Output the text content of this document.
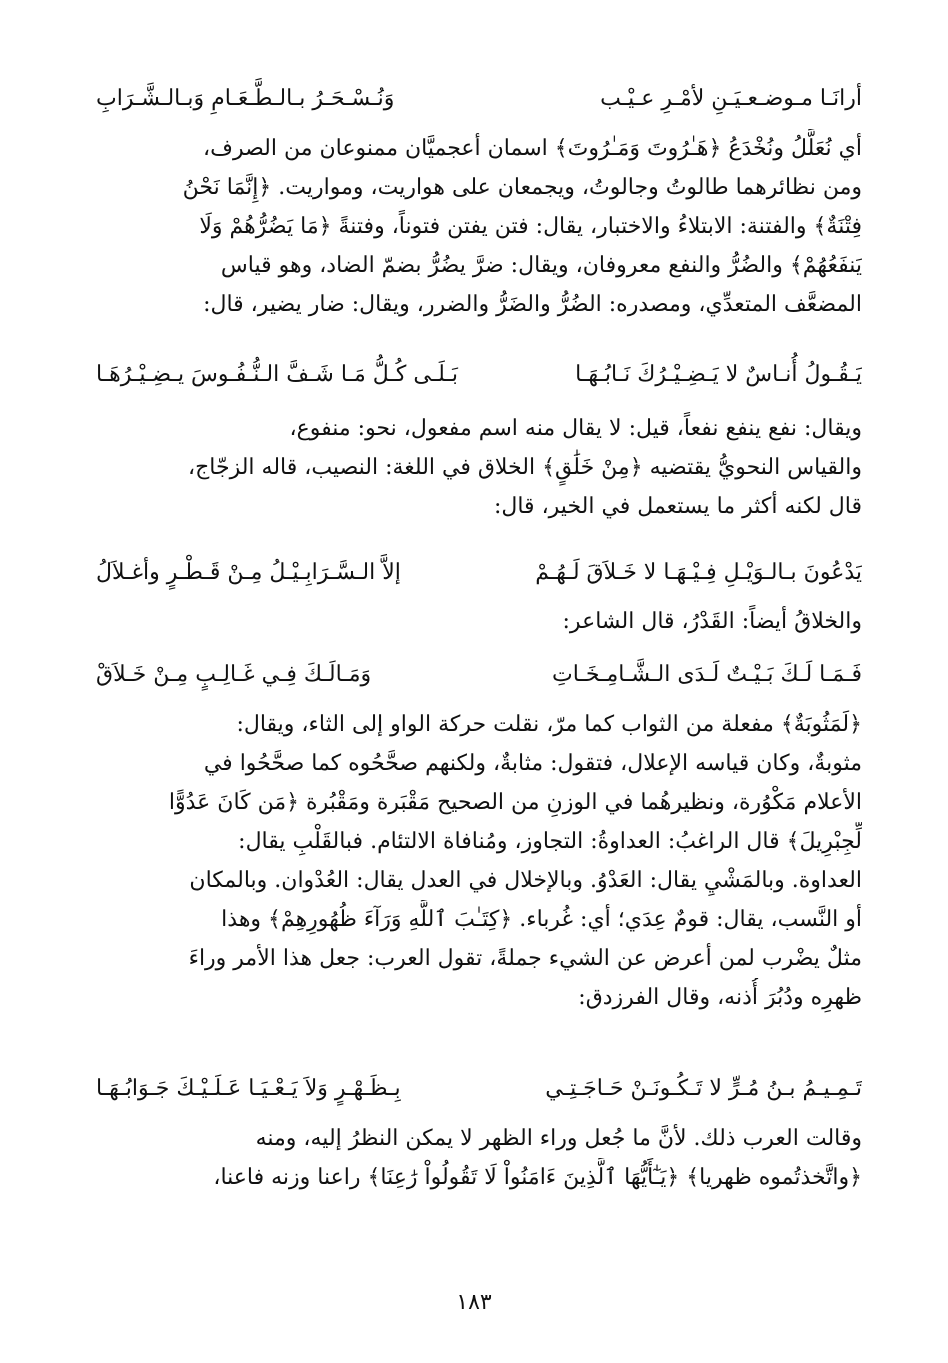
أرانَـا مـوضـعـيَـنِ لأمْـرِ عـيْـب
وَنُـسْـحَـرُ بـالـطَّـعَـامِ وَبـالـشَّـرَابِ
أي نُعَلَّلُ ونُخْدَعُ ﴿هَـٰرُوتَ وَمَـٰرُوتَ﴾ اسمان أعجميَّان ممنوعان من الصرف،
ومن نظائرهما طالوتُ وجالوتُ، ويجمعان على هواريت، ومواريت. ﴿إِنَّمَا نَحْنُ
فِتْنَةٌ﴾ والفتنة: الابتلاءُ والاختبار، يقال: فتن يفتن فتوناً، وفتنةً ﴿مَا يَضُرُّهُمْ وَلَا
يَنفَعُهُمْ﴾ والضُرُّ والنفع معروفان، ويقال: ضرَّ يضُرُّ بضمّ الضاد، وهو قياس
المضعَّف المتعدِّي، ومصدره: الضُرُّ والضَرُّ والضرر، ويقال: ضار يضير، قال:
يَـقُـولُ أُنـاسٌ لا يَـضِـيْـرُكَ نَـابُـهَـا
بَـلَـى كُـلُّ مَـا شَـفَّ الـنُّـفُـوسَ يـضِـيْـرُهَـا
ويقال: نفع ينفع نفعاً، قيل: لا يقال منه اسم مفعول، نحو: منفوع،
والقياس النحويُّ يقتضيه ﴿مِنْ خَلَٰقٍ﴾ الخلاق في اللغة: النصيب، قاله الزجّاج،
قال لكنه أكثر ما يستعمل في الخير، قال:
يَدْعُونَ بـالـوَيْـلِ فِـيْـهَـا لا خَـلاَقَ لَـهُـمْ
إلاَّ الـسَّـرَابِـيْـلُ مِـنْ قَـطْـرٍ وأغـلاَلُ
والخلاقُ أيضاً: القَدْرُ، قال الشاعر:
فَـمَـا لَـكَ بَـيْـتٌ لَـدَى الـشَّـامِـخَـاتِ
وَمَـالَـكَ فِـي غَـالِـبٍ مِـنْ خَـلاَقْ
﴿لَمَثُوبَةٌ﴾ مفعلة من الثواب كما مرّ، نقلت حركة الواو إلى الثاء، ويقال:
مثوبةٌ، وكان قياسه الإعلال، فتقول: مثابةٌ، ولكنهم صحَّحُوه كما صحَّحُوا في
الأعلام مَكْوُرة، ونظيرهُما في الوزنِ من الصحيح مَقْبَرة ومَقْبُرة ﴿مَن كَانَ عَدُوًّا
لِّجِبْرِيلَ﴾ قال الراغبُ: العداوةُ: التجاوز، ومُنافاة الالتئام. فبالقَلْبِ يقال:
العداوة. وبالمَشْيِ يقال: العَدْوُ. وبالإخلال في العدل يقال: العُدْوان. وبالمكان
أو النَّسب، يقال: قومٌ عِدَي؛ أي: غُرباء. ﴿كِتَـٰبَ ٱللَّهِ وَرَآءَ ظُهُورِهِمْ﴾ وهذا
مثلٌ يضْرب لمن أعرض عن الشيء جملةً، تقول العرب: جعل هذا الأمر وراءَ
ظهرِه ودُبُرَ أُذنه، وقال الفرزدق:
تَـمِـيـمُ بـنُ مُـرٍّ لا تَـكُـونَـنْ حَـاجَـتِـي
بِـظَـهْـرٍ وَلاَ يَـعْـيَـا عَـلَـيْـكَ جَـوَابُـهَـا
وقالت العرب ذلك. لأنَّ ما جُعل وراء الظهر لا يمكن النظرُ إليه، ومنه
﴿واتَّخذتُموه ظهريا﴾ ﴿يَـٰٓأَيُّهَا ٱلَّذِينَ ءَامَنُواْ لَا تَقُولُواْ رَٰعِنَا﴾ راعنا وزنه فاعنا،
١٨٣
